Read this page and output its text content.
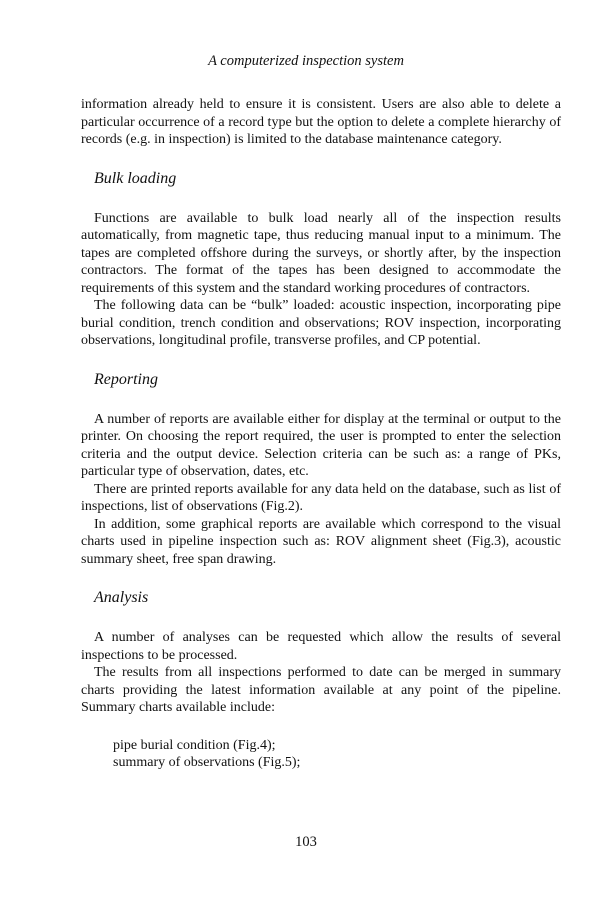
A computerized inspection system

information already held to ensure it is consistent. Users are also able to delete a particular occurrence of a record type but the option to delete a complete hierarchy of records (e.g. in inspection) is limited to the database maintenance category.

Bulk loading

Functions are available to bulk load nearly all of the inspection results automatically, from magnetic tape, thus reducing manual input to a minimum. The tapes are completed offshore during the surveys, or shortly after, by the inspection contractors. The format of the tapes has been designed to accommodate the requirements of this system and the standard working procedures of contractors.

The following data can be “bulk” loaded: acoustic inspection, incorporating pipe burial condition, trench condition and observations; ROV inspection, incorporating observations, longitudinal profile, transverse profiles, and CP potential.

Reporting

A number of reports are available either for display at the terminal or output to the printer. On choosing the report required, the user is prompted to enter the selection criteria and the output device. Selection criteria can be such as: a range of PKs, particular type of observation, dates, etc.

There are printed reports available for any data held on the database, such as list of inspections, list of observations (Fig.2).

In addition, some graphical reports are available which correspond to the visual charts used in pipeline inspection such as: ROV alignment sheet (Fig.3), acoustic summary sheet, free span drawing.

Analysis

A number of analyses can be requested which allow the results of several inspections to be processed.

The results from all inspections performed to date can be merged in summary charts providing the latest information available at any point of the pipeline. Summary charts available include:

pipe burial condition (Fig.4);
summary of observations (Fig.5);

103
